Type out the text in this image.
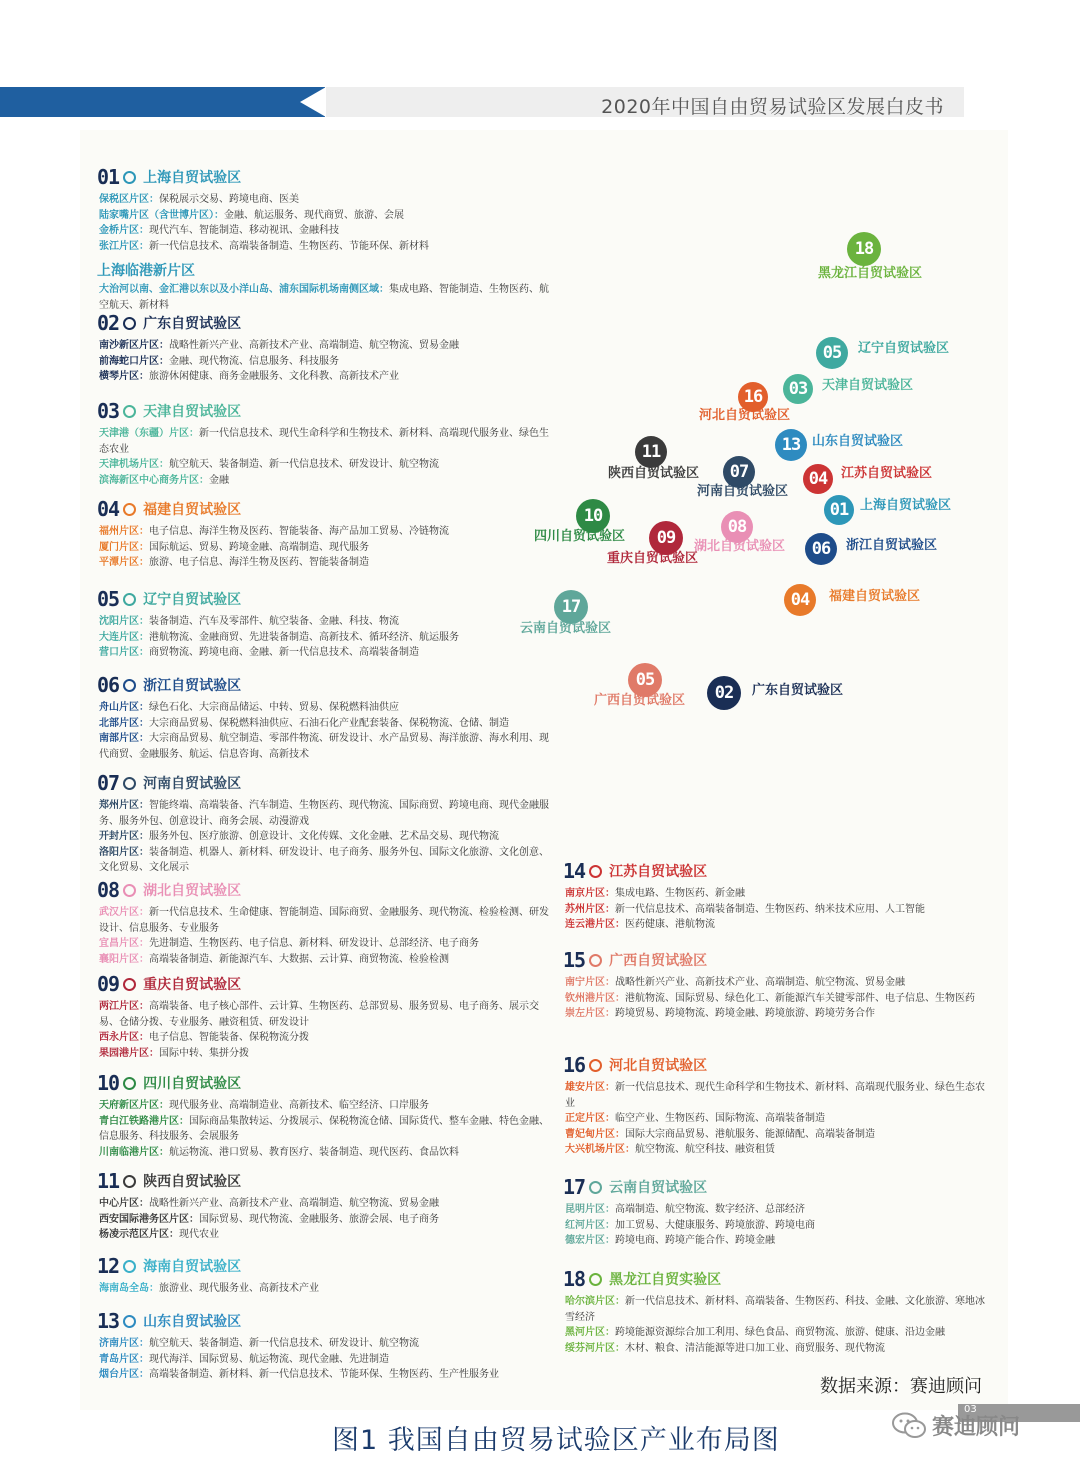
2020年中国自由贸易试验区发展白皮书
01 上海自贸试验区
保税区片区：保税展示交易、跨境电商、医美
陆家嘴片区（含世博片区）：金融、航运服务、现代商贸、旅游、会展
金桥片区：现代汽车、智能制造、移动视讯、金融科技
张江片区：新一代信息技术、高端装备制造、生物医药、节能环保、新材料
上海临港新片区
大治河以南、金汇港以东以及小洋山岛、浦东国际机场南侧区域：集成电路、智能制造、生物医药、航空航天、新材料
02 广东自贸试验区
南沙新区片区：战略性新兴产业、高新技术产业、高端制造、航空物流、贸易金融
前海蛇口片区：金融、现代物流、信息服务、科技服务
横琴片区：旅游休闲健康、商务金融服务、文化科教、高新技术产业
03 天津自贸试验区
天津港（东疆）片区：新一代信息技术、现代生命科学和生物技术、新材料、高端现代服务业、绿色生态农业
天津机场片区：航空航天、装备制造、新一代信息技术、研发设计、航空物流
滨海新区中心商务片区：金融
04 福建自贸试验区
福州片区：电子信息、海洋生物及医药、智能装备、海产品加工贸易、冷链物流
厦门片区：国际航运、贸易、跨境金融、高端制造、现代服务
平潭片区：旅游、电子信息、海洋生物及医药、智能装备制造
05 辽宁自贸试验区
沈阳片区：装备制造、汽车及零部件、航空装备、金融、科技、物流
大连片区：港航物流、金融商贸、先进装备制造、高新技术、循环经济、航运服务
营口片区：商贸物流、跨境电商、金融、新一代信息技术、高端装备制造
06 浙江自贸试验区
舟山片区：绿色石化、大宗商品储运、中转、贸易、保税燃料油供应
北部片区：大宗商品贸易、保税燃料油供应、石油石化产业配套装备、保税物流、仓储、制造
南部片区：大宗商品贸易、航空制造、零部件物流、研发设计、水产品贸易、海洋旅游、海水利用、现代商贸、金融服务、航运、信息咨询、高新技术
07 河南自贸试验区
郑州片区：智能终端、高端装备、汽车制造、生物医药、现代物流、国际商贸、跨境电商、现代金融服务、服务外包、创意设计、商务会展、动漫游戏
开封片区：服务外包、医疗旅游、创意设计、文化传媒、文化金融、艺术品交易、现代物流
洛阳片区：装备制造、机器人、新材料、研发设计、电子商务、服务外包、国际文化旅游、文化创意、文化贸易、文化展示
08 湖北自贸试验区
武汉片区：新一代信息技术、生命健康、智能制造、国际商贸、金融服务、现代物流、检验检测、研发设计、信息服务、专业服务
宜昌片区：先进制造、生物医药、电子信息、新材料、研发设计、总部经济、电子商务
襄阳片区：高端装备制造、新能源汽车、大数据、云计算、商贸物流、检验检测
09 重庆自贸试验区
两江片区：高端装备、电子核心部件、云计算、生物医药、总部贸易、服务贸易、电子商务、展示交易、仓储分拨、专业服务、融资租赁、研发设计
西永片区：电子信息、智能装备、保税物流分拨
果园港片区：国际中转、集拼分拨
10 四川自贸试验区
天府新区片区：现代服务业、高端制造业、高新技术、临空经济、口岸服务
青白江铁路港片区：国际商品集散转运、分拨展示、保税物流仓储、国际货代、整车金融、特色金融、信息服务、科技服务、会展服务
川南临港片区：航运物流、港口贸易、教育医疗、装备制造、现代医药、食品饮料
11 陕西自贸试验区
中心片区：战略性新兴产业、高新技术产业、高端制造、航空物流、贸易金融
西安国际港务区片区：国际贸易、现代物流、金融服务、旅游会展、电子商务
杨凌示范区片区：现代农业
12 海南自贸试验区
海南岛全岛：旅游业、现代服务业、高新技术产业
13 山东自贸试验区
济南片区：航空航天、装备制造、新一代信息技术、研发设计、航空物流
青岛片区：现代海洋、国际贸易、航运物流、现代金融、先进制造
烟台片区：高端装备制造、新材料、新一代信息技术、节能环保、生物医药、生产性服务业
14 江苏自贸试验区
南京片区：集成电路、生物医药、新金融
苏州片区：新一代信息技术、高端装备制造、生物医药、纳米技术应用、人工智能
连云港片区：医药健康、港航物流
15 广西自贸试验区
南宁片区：战略性新兴产业、高新技术产业、高端制造、航空物流、贸易金融
钦州港片区：港航物流、国际贸易、绿色化工、新能源汽车关键零部件、电子信息、生物医药
崇左片区：跨境贸易、跨境物流、跨境金融、跨境旅游、跨境劳务合作
16 河北自贸试验区
雄安片区：新一代信息技术、现代生命科学和生物技术、新材料、高端现代服务业、绿色生态农业
正定片区：临空产业、生物医药、国际物流、高端装备制造
曹妃甸片区：国际大宗商品贸易、港航服务、能源储配、高端装备制造
大兴机场片区：航空物流、航空科技、融资租赁
17 云南自贸试验区
昆明片区：高端制造、航空物流、数字经济、总部经济
红河片区：加工贸易、大健康服务、跨境旅游、跨境电商
德宏片区：跨境电商、跨境产能合作、跨境金融
18 黑龙江自贸实验区
哈尔滨片区：新一代信息技术、新材料、高端装备、生物医药、科技、金融、文化旅游、寒地冰雪经济
黑河片区：跨境能源资源综合加工利用、绿色食品、商贸物流、旅游、健康、沿边金融
绥芬河片区：木材、粮食、清洁能源等进口加工业、商贸服务、现代物流
18
黑龙江自贸试验区
05	辽宁自贸试验区
03	天津自贸试验区
16
河北自贸试验区
13 山东自贸试验区
11
陕西自贸试验区	07
河南自贸试验区
04	江苏自贸试验区
01 上海自贸试验区
10
四川自贸试验区	09
重庆自贸试验区
08
湖北自贸试验区	06	浙江自贸试验区
04	福建自贸试验区
17
云南自贸试验区
05
广西自贸试验区	02	广东自贸试验区
数据来源：赛迪顾问
图1 我国自由贸易试验区产业布局图
03
赛迪顾问
